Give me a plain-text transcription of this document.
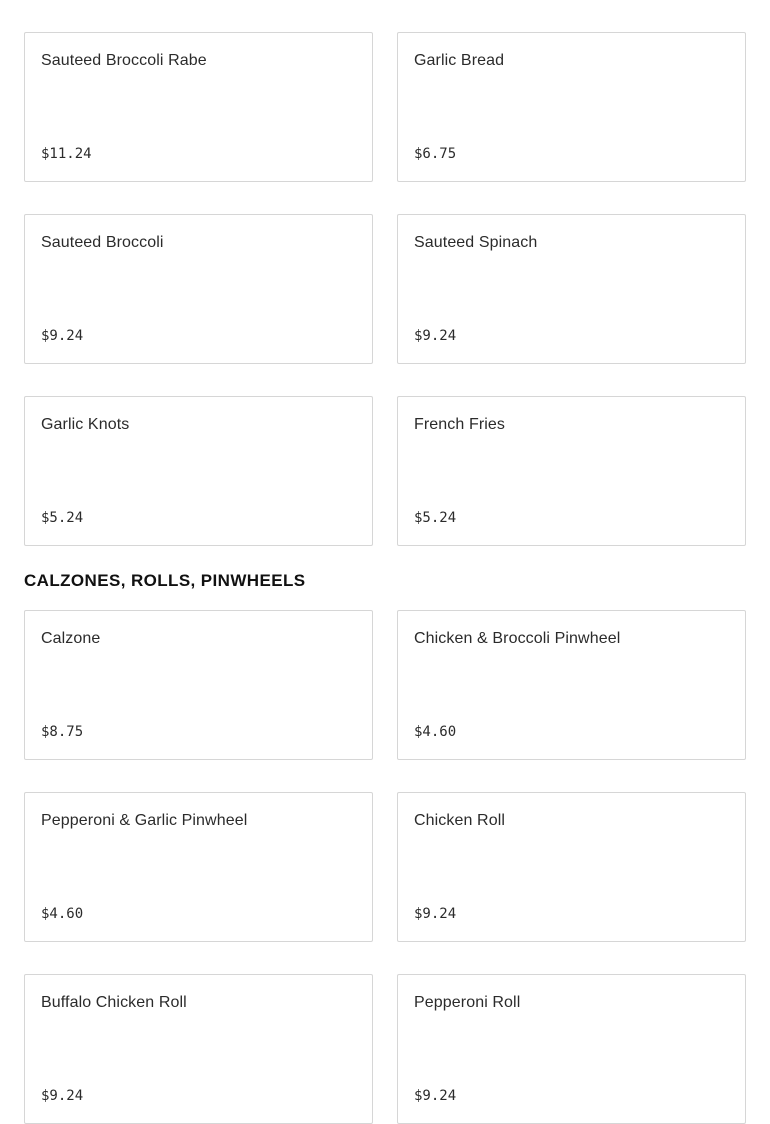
Sauteed Broccoli Rabe
$11.24
Garlic Bread
$6.75
Sauteed Broccoli
$9.24
Sauteed Spinach
$9.24
Garlic Knots
$5.24
French Fries
$5.24
CALZONES, ROLLS, PINWHEELS
Calzone
$8.75
Chicken & Broccoli Pinwheel
$4.60
Pepperoni & Garlic Pinwheel
$4.60
Chicken Roll
$9.24
Buffalo Chicken Roll
$9.24
Pepperoni Roll
$9.24
